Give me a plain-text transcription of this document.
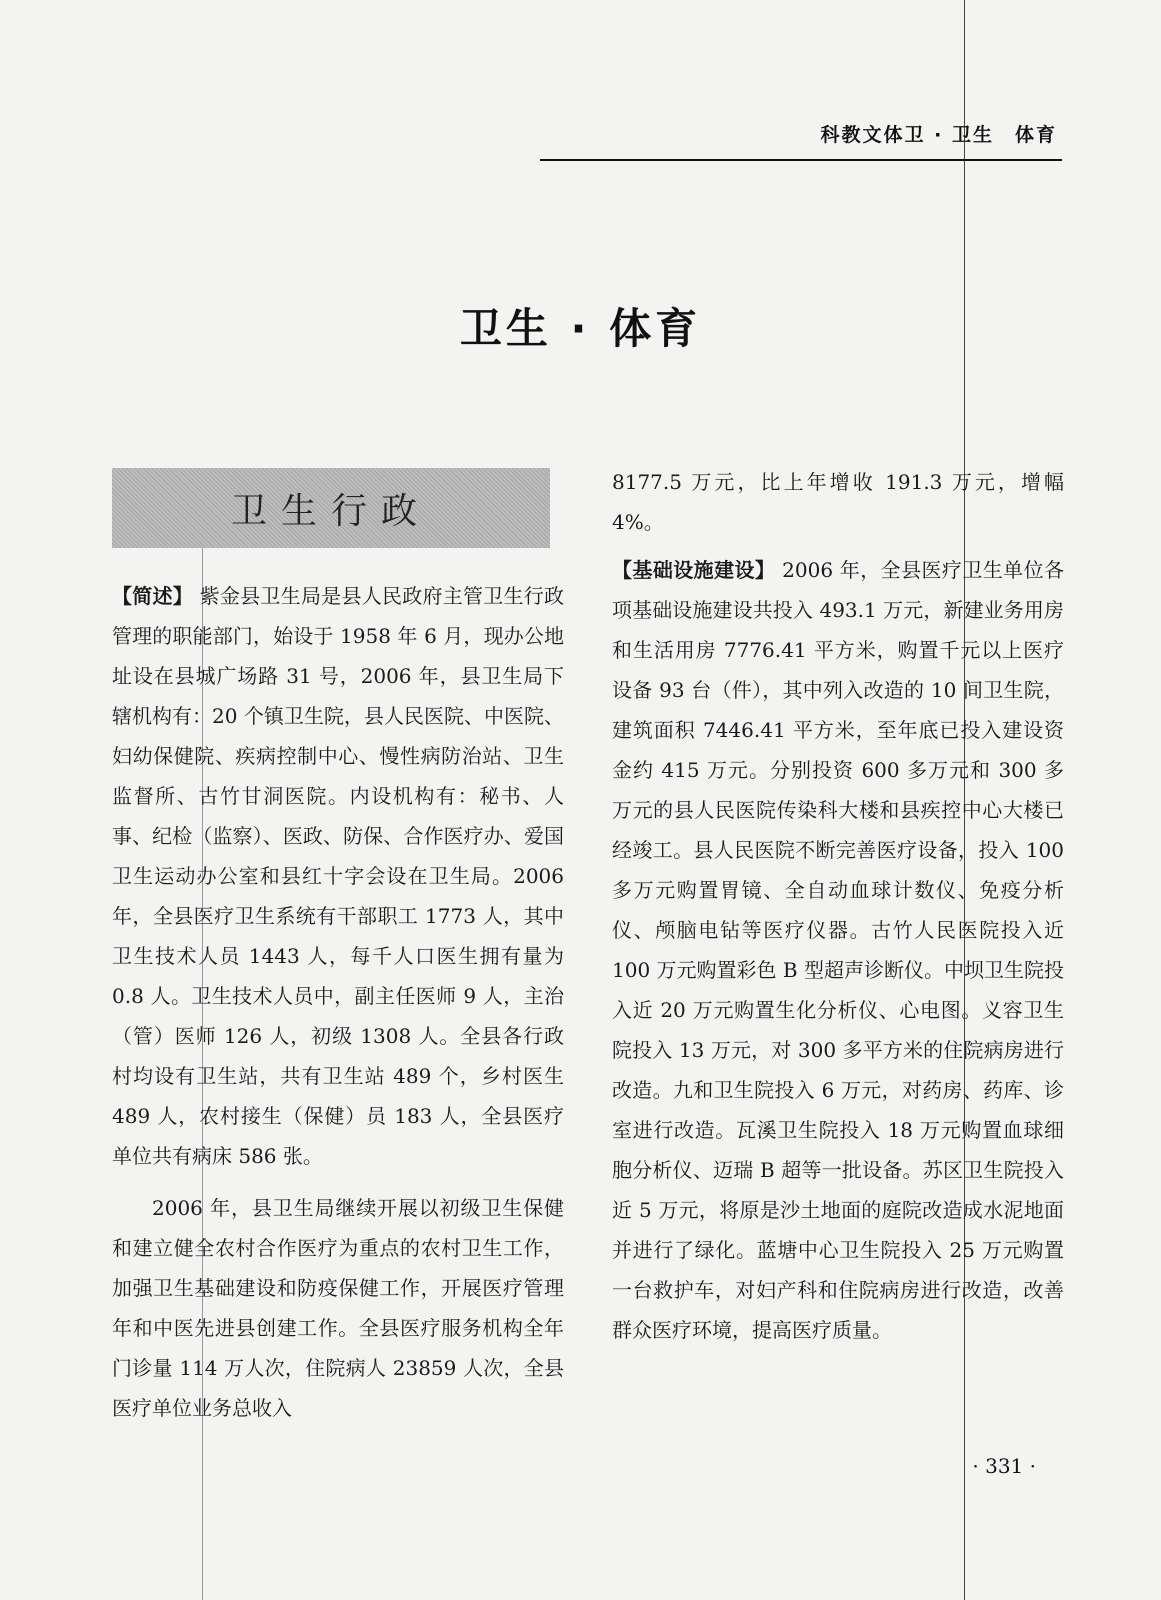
科教文体卫 · 卫生　体育
卫生 · 体育
卫生行政

【简述】 紫金县卫生局是县人民政府主管卫生行政管理的职能部门，始设于 1958 年 6 月，现办公地址设在县城广场路 31 号，2006 年，县卫生局下辖机构有：20 个镇卫生院，县人民医院、中医院、妇幼保健院、疾病控制中心、慢性病防治站、卫生监督所、古竹甘洞医院。内设机构有：秘书、人事、纪检（监察）、医政、防保、合作医疗办、爱国卫生运动办公室和县红十字会设在卫生局。2006 年，全县医疗卫生系统有干部职工 1773 人，其中卫生技术人员 1443 人，每千人口医生拥有量为 0.8 人。卫生技术人员中，副主任医师 9 人，主治（管）医师 126 人，初级 1308 人。全县各行政村均设有卫生站，共有卫生站 489 个，乡村医生 489 人，农村接生（保健）员 183 人，全县医疗单位共有病床 586 张。

2006 年，县卫生局继续开展以初级卫生保健和建立健全农村合作医疗为重点的农村卫生工作，加强卫生基础建设和防疫保健工作，开展医疗管理年和中医先进县创建工作。全县医疗服务机构全年门诊量 114 万人次，住院病人 23859 人次，全县医疗单位业务总收入

8177.5 万元，比上年增收 191.3 万元，增幅 4%。

【基础设施建设】 2006 年，全县医疗卫生单位各项基础设施建设共投入 493.1 万元，新建业务用房和生活用房 7776.41 平方米，购置千元以上医疗设备 93 台（件），其中列入改造的 10 间卫生院，建筑面积 7446.41 平方米，至年底已投入建设资金约 415 万元。分别投资 600 多万元和 300 多万元的县人民医院传染科大楼和县疾控中心大楼已经竣工。县人民医院不断完善医疗设备，投入 100 多万元购置胃镜、全自动血球计数仪、免疫分析仪、颅脑电钻等医疗仪器。古竹人民医院投入近 100 万元购置彩色 B 型超声诊断仪。中坝卫生院投入近 20 万元购置生化分析仪、心电图。义容卫生院投入 13 万元，对 300 多平方米的住院病房进行改造。九和卫生院投入 6 万元，对药房、药库、诊室进行改造。瓦溪卫生院投入 18 万元购置血球细胞分析仪、迈瑞 B 超等一批设备。苏区卫生院投入近 5 万元，将原是沙土地面的庭院改造成水泥地面并进行了绿化。蓝塘中心卫生院投入 25 万元购置一台救护车，对妇产科和住院病房进行改造，改善群众医疗环境，提高医疗质量。

· 331 ·
